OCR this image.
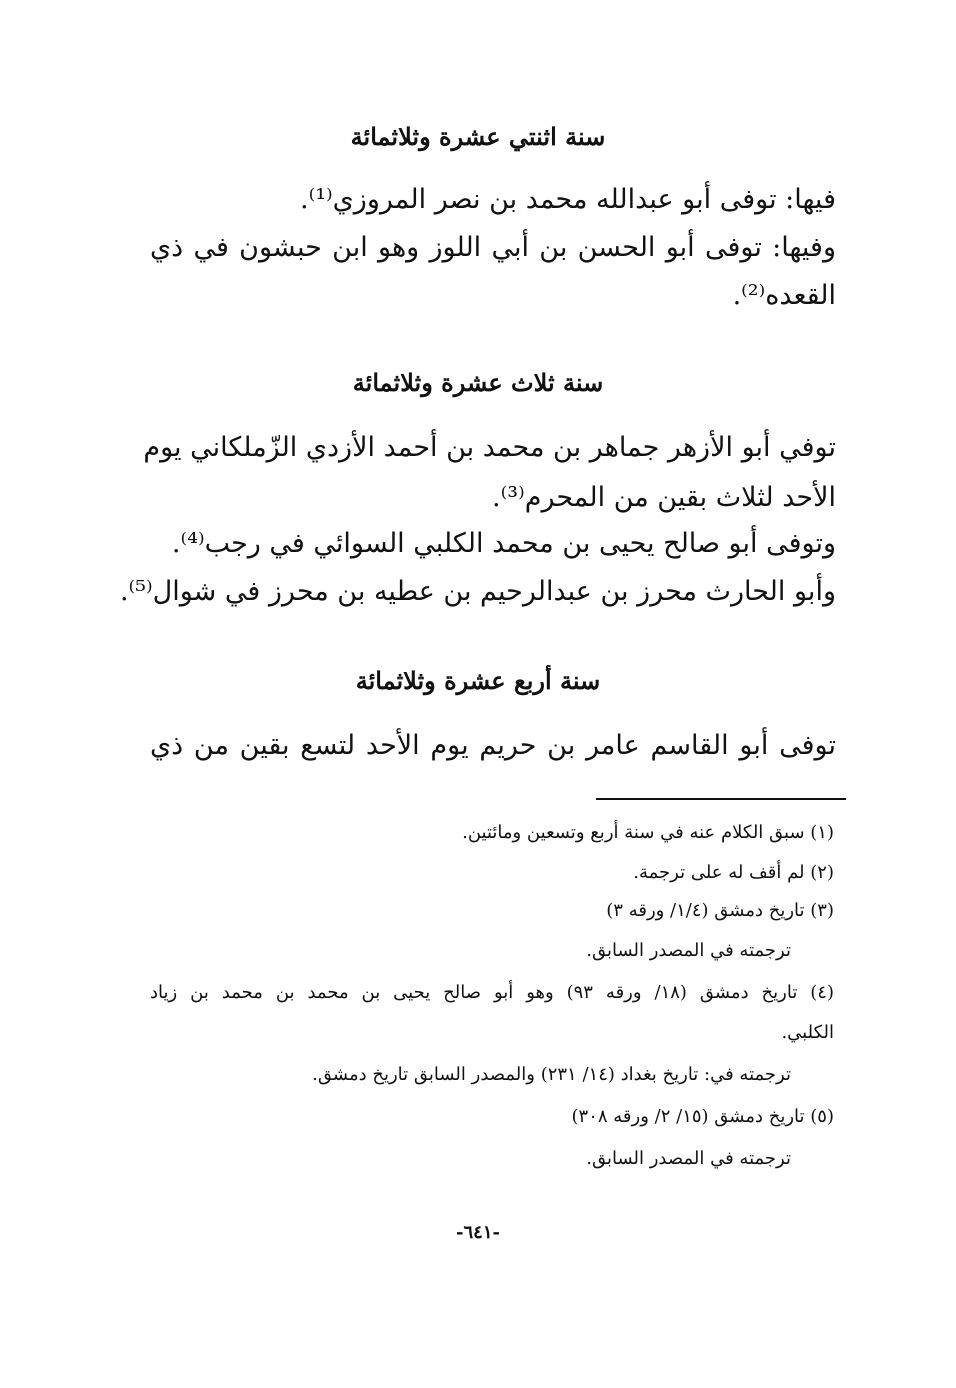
سنة اثنتي عشرة وثلاثمائة
فيها: توفى أبو عبدالله محمد بن نصر المروزي⁽¹⁾.
وفيها: توفى أبو الحسن بن أبي اللوز وهو ابن حبشون في ذي
القعده⁽²⁾.
سنة ثلاث عشرة وثلاثمائة
توفي أبو الأزهر جماهر بن محمد بن أحمد الأزدي الزّملكاني يوم
الأحد لثلاث بقين من المحرم⁽³⁾.
وتوفى أبو صالح يحيى بن محمد الكلبي السوائي في رجب⁽⁴⁾.
وأبو الحارث محرز بن عبدالرحيم بن عطيه بن محرز في شوال⁽⁵⁾.
سنة أربع عشرة وثلاثمائة
توفى أبو القاسم عامر بن حريم يوم الأحد لتسع بقين من ذي
(١) سبق الكلام عنه في سنة أربع وتسعين ومائتين.
(٢) لم أقف له على ترجمة.
(٣) تاريخ دمشق (١/٤/ ورقه ٣)
ترجمته في المصدر السابق.
(٤) تاريخ دمشق (١٨/ ورقه ٩٣) وهو أبو صالح يحيى بن محمد بن محمد بن زياد
الكلبي.
ترجمته في: تاريخ بغداد (١٤/ ٢٣١) والمصدر السابق تاريخ دمشق.
(٥) تاريخ دمشق (١٥/ ٢/ ورقه ٣٠٨)
ترجمته في المصدر السابق.
-٦٤١-
